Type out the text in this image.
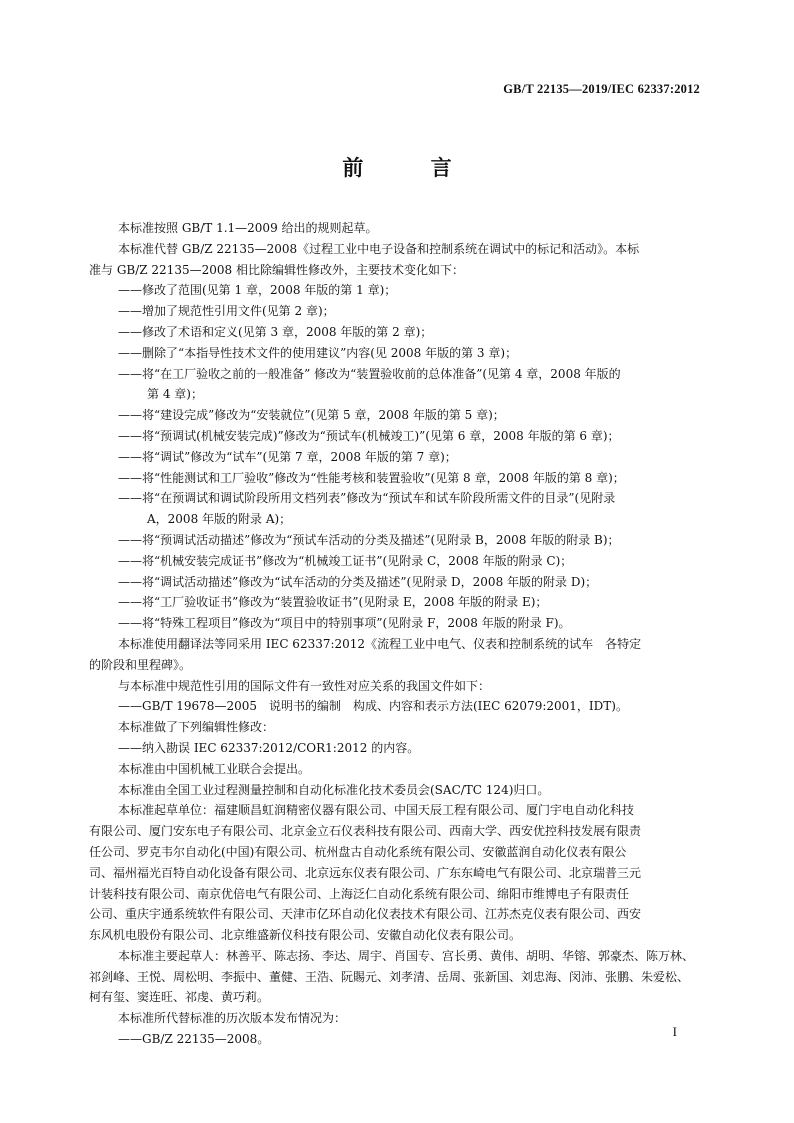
GB/T 22135—2019/IEC 62337:2012
前 言

本标准按照 GB/T 1.1—2009 给出的规则起草。

本标准代替 GB/Z 22135—2008《过程工业中电子设备和控制系统在调试中的标记和活动》。本标

准与 GB/Z 22135—2008 相比除编辑性修改外，主要技术变化如下：

——修改了范围(见第 1 章，2008 年版的第 1 章)；

——增加了规范性引用文件(见第 2 章)；

——修改了术语和定义(见第 3 章，2008 年版的第 2 章)；

——删除了“本指导性技术文件的使用建议”内容(见 2008 年版的第 3 章)；

——将“在工厂验收之前的一般准备” 修改为“装置验收前的总体准备”(见第 4 章，2008 年版的

第 4 章)；

——将“建设完成”修改为“安装就位”(见第 5 章，2008 年版的第 5 章)；

——将“预调试(机械安装完成)”修改为“预试车(机械竣工)”(见第 6 章，2008 年版的第 6 章)；

——将“调试”修改为“试车”(见第 7 章，2008 年版的第 7 章)；

——将“性能测试和工厂验收”修改为“性能考核和装置验收”(见第 8 章，2008 年版的第 8 章)；

——将“在预调试和调试阶段所用文档列表”修改为“预试车和试车阶段所需文件的目录”(见附录

A，2008 年版的附录 A)；

——将“预调试活动描述”修改为“预试车活动的分类及描述”(见附录 B，2008 年版的附录 B)；

——将“机械安装完成证书”修改为“机械竣工证书”(见附录 C，2008 年版的附录 C)；

——将“调试活动描述”修改为“试车活动的分类及描述”(见附录 D，2008 年版的附录 D)；

——将“工厂验收证书”修改为“装置验收证书”(见附录 E，2008 年版的附录 E)；

——将“特殊工程项目”修改为“项目中的特别事项”(见附录 F，2008 年版的附录 F)。

本标准使用翻译法等同采用 IEC 62337:2012《流程工业中电气、仪表和控制系统的试车　各特定

的阶段和里程碑》。

与本标准中规范性引用的国际文件有一致性对应关系的我国文件如下：

——GB/T 19678—2005　说明书的编制　构成、内容和表示方法(IEC 62079:2001，IDT)。

本标准做了下列编辑性修改：

——纳入勘误 IEC 62337:2012/COR1:2012 的内容。

本标准由中国机械工业联合会提出。

本标准由全国工业过程测量控制和自动化标准化技术委员会(SAC/TC 124)归口。

本标准起草单位：福建顺昌虹润精密仪器有限公司、中国天辰工程有限公司、厦门宇电自动化科技

有限公司、厦门安东电子有限公司、北京金立石仪表科技有限公司、西南大学、西安优控科技发展有限责

任公司、罗克韦尔自动化(中国)有限公司、杭州盘古自动化系统有限公司、安徽蓝润自动化仪表有限公

司、福州福光百特自动化设备有限公司、北京远东仪表有限公司、广东东崎电气有限公司、北京瑞普三元

计装科技有限公司、南京优倍电气有限公司、上海泛仁自动化系统有限公司、绵阳市维博电子有限责任

公司、重庆宇通系统软件有限公司、天津市亿环自动化仪表技术有限公司、江苏杰克仪表有限公司、西安

东风机电股份有限公司、北京维盛新仪科技有限公司、安徽自动化仪表有限公司。

本标准主要起草人：林善平、陈志扬、李达、周宇、肖国专、宫长勇、黄伟、胡明、华镕、郭豪杰、陈万林、

祁剑峰、王悦、周松明、李振中、董健、王浩、阮賜元、刘孝清、岳周、张新国、刘忠海、闵沛、张鹏、朱爱松、

柯有玺、窦连旺、祁虔、黄巧莉。

本标准所代替标准的历次版本发布情况为：

——GB/Z 22135—2008。

I
